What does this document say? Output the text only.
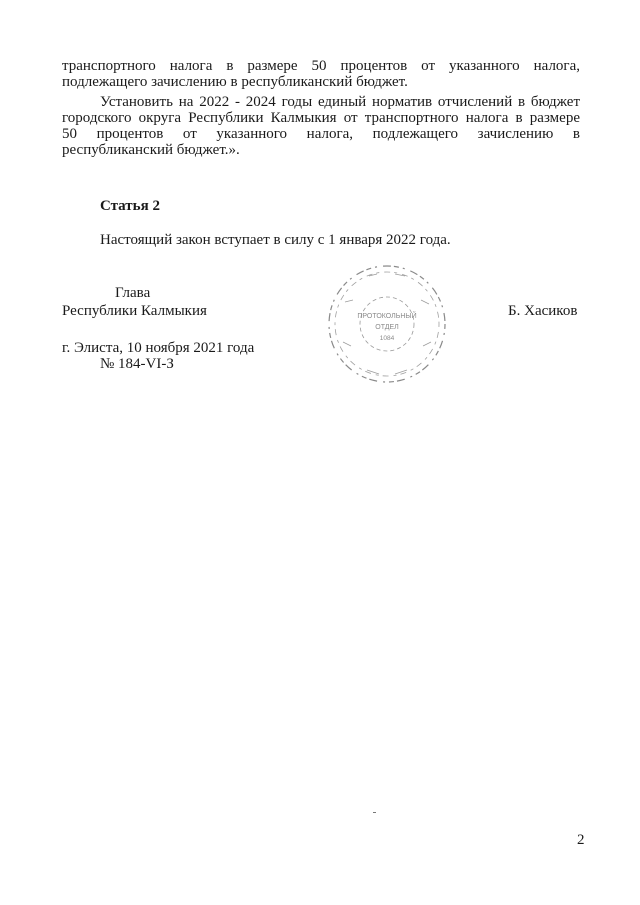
транспортного налога в размере 50 процентов от указанного налога,
подлежащего зачислению в республиканский бюджет.
Установить на 2022 - 2024 годы единый норматив отчислений в бюджет
городского округа Республики Калмыкия от транспортного налога в размере
50 процентов от указанного налога, подлежащего зачислению в
республиканский бюджет.».

Статья 2

Настоящий закон вступает в силу с 1 января 2022 года.

Глава

Республики Калмыкия	Б. Хасиков

г. Элиста, 10 ноября 2021 года

№ 184-VI-З

ПРОТОКОЛЬНЫЙ
ОТДЕЛ
1084

2
